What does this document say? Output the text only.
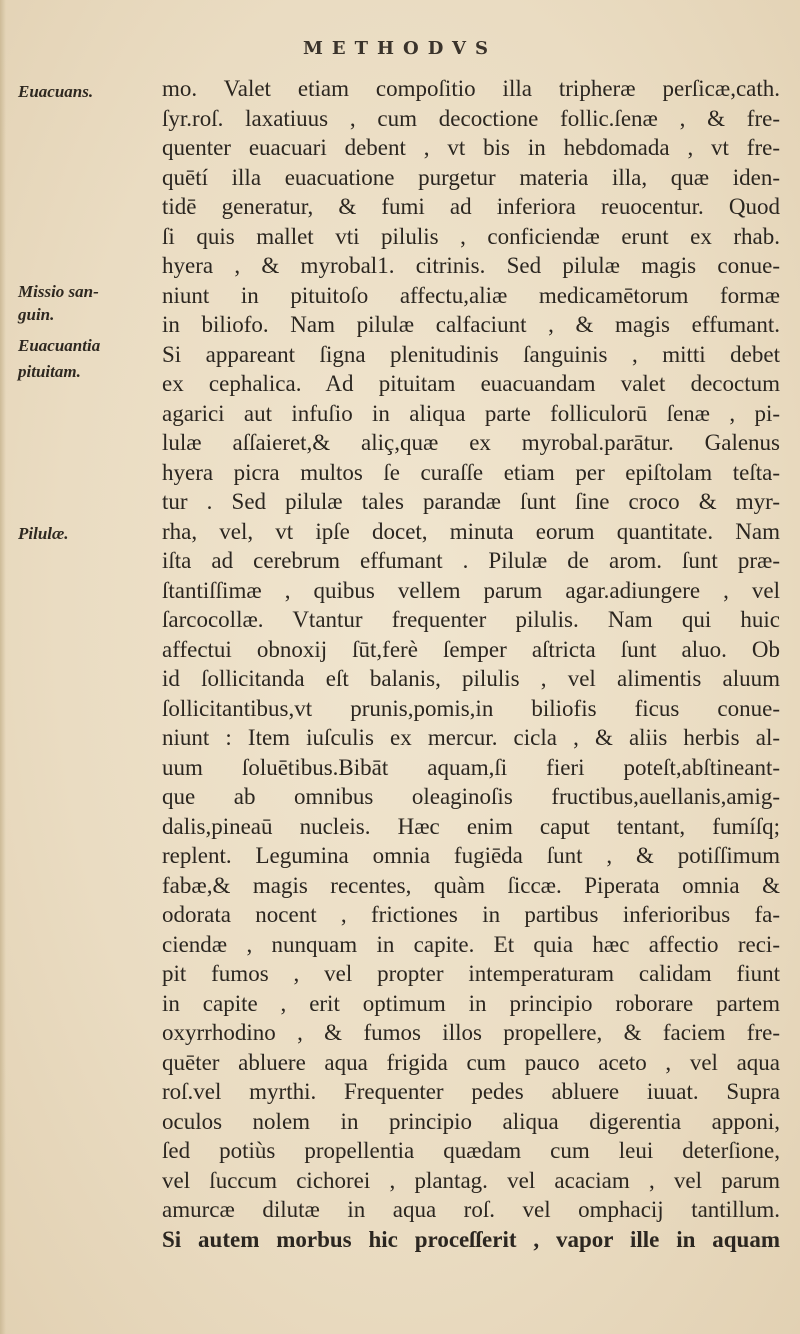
METHODVS
Euacuans.
Missio san-
guin.
Euacuantia
pituitam.
Pilulæ.
mo. Valet etiam compoſitio illa tripheræ perſicæ,cath.
ſyr.roſ. laxatiuus , cum decoctione follic.ſenæ , & fre-
quenter euacuari debent , vt bis in hebdomada , vt fre-
quētí illa euacuatione purgetur materia illa, quæ iden-
tidē generatur, & fumi ad inferiora reuocentur. Quod
ſi quis mallet vti pilulis , conficiendæ erunt ex rhab.
hyera , & myrobal1. citrinis. Sed pilulæ magis conue-
niunt in pituitoſo affectu,aliæ medicamētorum formæ
in biliofo. Nam pilulæ calfaciunt , & magis effumant.
Si appareant ſigna plenitudinis ſanguinis , mitti debet
ex cephalica. Ad pituitam euacuandam valet decoctum
agarici aut infuſio in aliqua parte folliculorū ſenæ , pi-
lulæ aſſaieret,& aliç,quæ ex myrobal.parātur. Galenus
hyera picra multos ſe curaſſe etiam per epiſtolam teſta-
tur . Sed pilulæ tales parandæ ſunt ſine croco & myr-
rha, vel, vt ipſe docet, minuta eorum quantitate. Nam
iſta ad cerebrum effumant . Pilulæ de arom. ſunt præ-
ſtantiſſimæ , quibus vellem parum agar.adiungere , vel
ſarcocollæ. Vtantur frequenter pilulis. Nam qui huic
affectui obnoxij ſūt,ferè ſemper aſtricta ſunt aluo. Ob
id ſollicitanda eſt balanis, pilulis , vel alimentis aluum
ſollicitantibus,vt prunis,pomis,in biliofis ficus conue-
niunt : Item iuſculis ex mercur. cicla , & aliis herbis al-
uum ſoluētibus.Bibāt aquam,ſi fieri poteſt,abſtineant-
que ab omnibus oleaginoſis fructibus,auellanis,amig-
dalis,pineaū nucleis. Hæc enim caput tentant, fumíſq;
replent. Legumina omnia fugiēda ſunt , & potiſſimum
fabæ,& magis recentes, quàm ſiccæ. Piperata omnia &
odorata nocent , frictiones in partibus inferioribus fa-
ciendæ , nunquam in capite. Et quia hæc affectio reci-
pit fumos , vel propter intemperaturam calidam fiunt
in capite , erit optimum in principio roborare partem
oxyrrhodino , & fumos illos propellere, & faciem fre-
quēter abluere aqua frigida cum pauco aceto , vel aqua
roſ.vel myrthi. Frequenter pedes abluere iuuat. Supra
oculos nolem in principio aliqua digerentia apponi,
ſed potiùs propellentia quædam cum leui deterſione,
vel ſuccum cichorei , plantag. vel acaciam , vel parum
amurcæ dilutæ in aqua roſ. vel omphacij tantillum.
Si autem morbus hic proceſſerit , vapor ille in aquam
